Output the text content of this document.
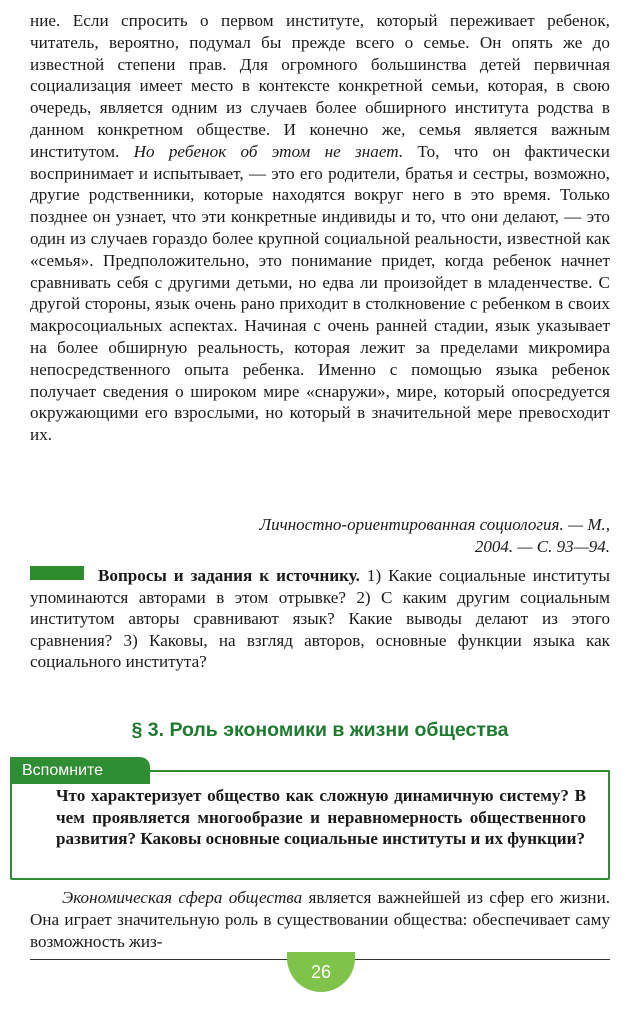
ние. Если спросить о первом институте, который переживает ребенок, читатель, вероятно, подумал бы прежде всего о семье. Он опять же до известной степени прав. Для огромного большинства детей первичная социализация имеет место в контексте конкретной семьи, которая, в свою очередь, является одним из случаев более обширного института родства в данном конкретном обществе. И конечно же, семья является важным институтом. Но ребенок об этом не знает. То, что он фактически воспринимает и испытывает, — это его родители, братья и сестры, возможно, другие родственники, которые находятся вокруг него в это время. Только позднее он узнает, что эти конкретные индивиды и то, что они делают, — это один из случаев гораздо более крупной социальной реальности, известной как «семья». Предположительно, это понимание придет, когда ребенок начнет сравнивать себя с другими детьми, но едва ли произойдет в младенчестве. С другой стороны, язык очень рано приходит в столкновение с ребенком в своих макросоциальных аспектах. Начиная с очень ранней стадии, язык указывает на более обширную реальность, которая лежит за пределами микромира непосредственного опыта ребенка. Именно с помощью языка ребенок получает сведения о широком мире «снаружи», мире, который опосредуется окружающими его взрослыми, но который в значительной мере превосходит их.

Личностно-ориентированная социология. — М.,
2004. — С. 93—94.
Вопросы и задания к источнику. 1) Какие социальные институты упоминаются авторами в этом отрывке? 2) С каким другим социальным институтом авторы сравнивают язык? Какие выводы делают из этого сравнения? 3) Каковы, на взгляд авторов, основные функции языка как социального института?
§ 3. Роль экономики в жизни общества
Вспомните
Что характеризует общество как сложную динамичную систему? В чем проявляется многообразие и неравномерность общественного развития? Каковы основные социальные институты и их функции?
Экономическая сфера общества является важнейшей из сфер его жизни. Она играет значительную роль в существовании общества: обеспечивает саму возможность жиз-
26
